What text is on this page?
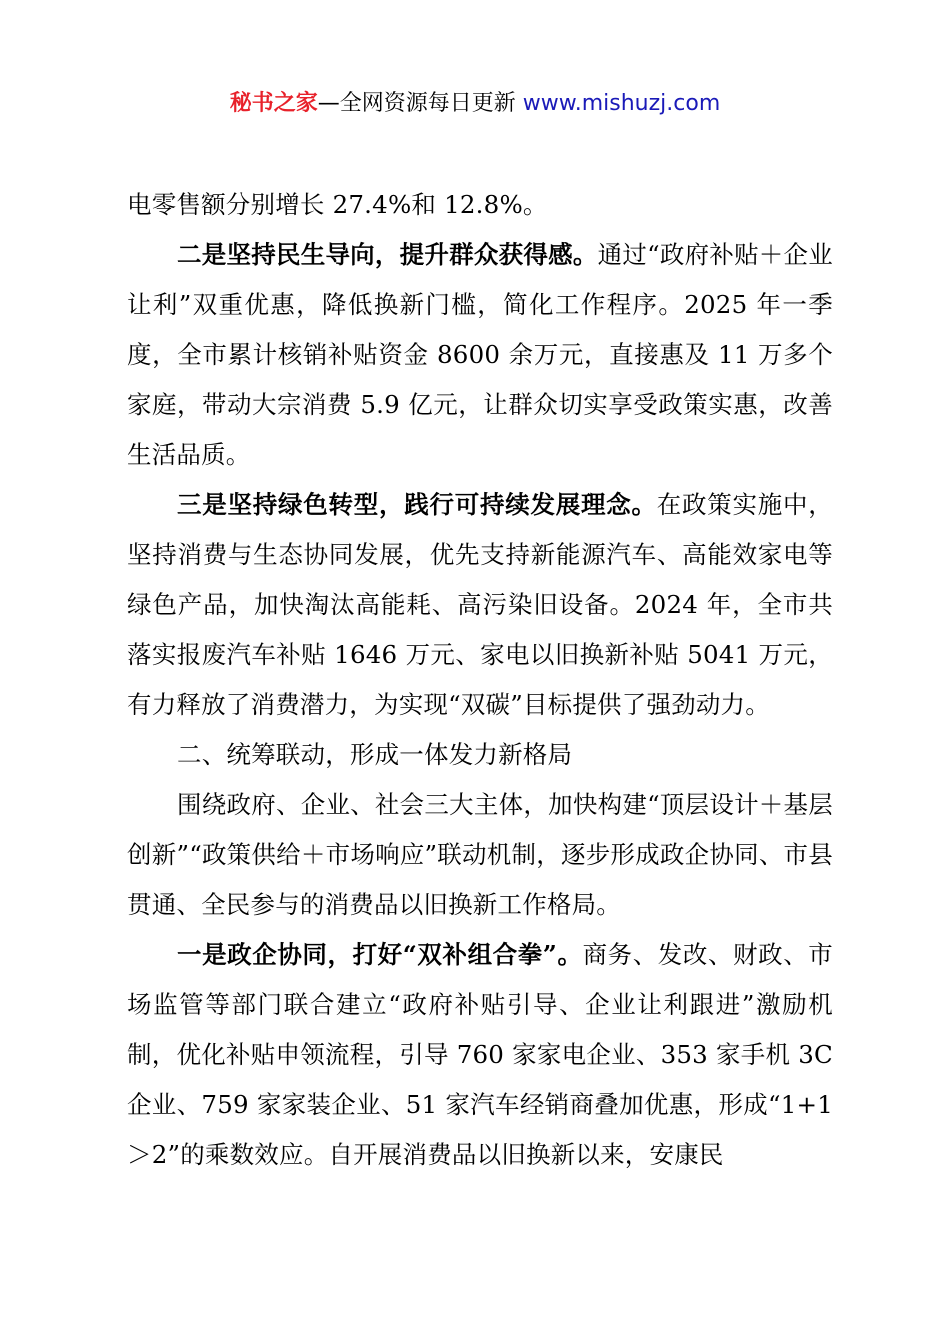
秘书之家—全网资源每日更新 www.mishuzj.com

电零售额分别增长 27.4%和 12.8%。

二是坚持民生导向，提升群众获得感。通过“政府补贴＋企业让利”双重优惠，降低换新门槛，简化工作程序。2025 年一季度，全市累计核销补贴资金 8600 余万元，直接惠及 11 万多个家庭，带动大宗消费 5.9 亿元，让群众切实享受政策实惠，改善生活品质。

三是坚持绿色转型，践行可持续发展理念。在政策实施中，坚持消费与生态协同发展，优先支持新能源汽车、高能效家电等绿色产品，加快淘汰高能耗、高污染旧设备。2024 年，全市共落实报废汽车补贴 1646 万元、家电以旧换新补贴 5041 万元，有力释放了消费潜力，为实现“双碳”目标提供了强劲动力。

二、统筹联动，形成一体发力新格局

围绕政府、企业、社会三大主体，加快构建“顶层设计＋基层创新”“政策供给＋市场响应”联动机制，逐步形成政企协同、市县贯通、全民参与的消费品以旧换新工作格局。

一是政企协同，打好“双补组合拳”。商务、发改、财政、市场监管等部门联合建立“政府补贴引导、企业让利跟进”激励机制，优化补贴申领流程，引导 760 家家电企业、353 家手机 3C 企业、759 家家装企业、51 家汽车经销商叠加优惠，形成“1+1＞2”的乘数效应。自开展消费品以旧换新以来，安康民
